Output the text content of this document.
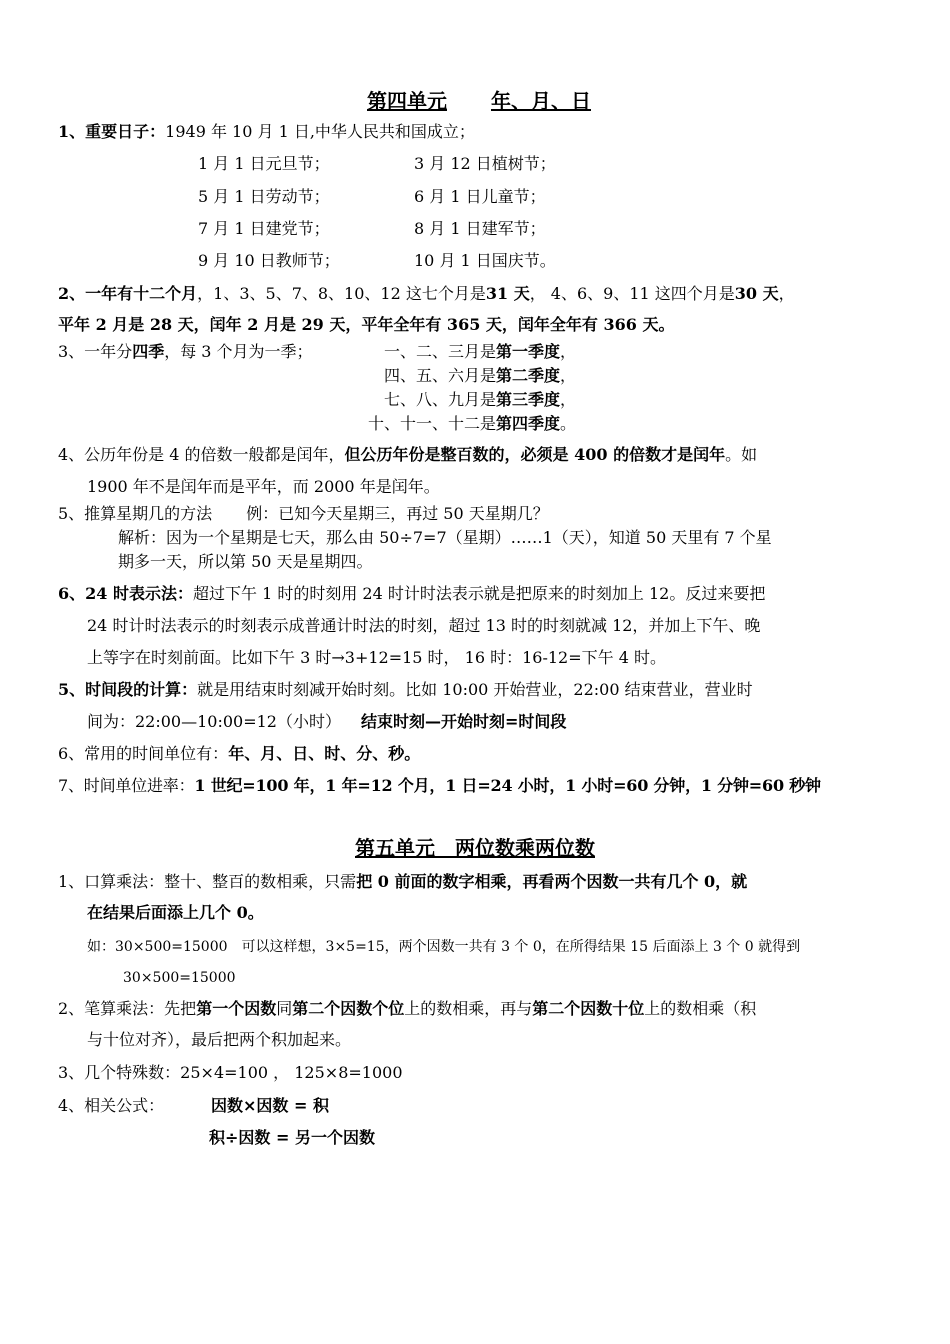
第四单元 年、月、日
1、重要日子：1949 年 10 月 1 日,中华人民共和国成立；
1 月 1 日元旦节；	3 月 12 日植树节；
5 月 1 日劳动节；	6 月 1 日儿童节；
7 月 1 日建党节；	8 月 1 日建军节；
9 月 10 日教师节；	10 月 1 日国庆节。
2、一年有十二个月，1、3、5、7、8、10、12 这七个月是31 天， 4、6、9、11 这四个月是30 天，
平年 2 月是 28 天，闰年 2 月是 29 天，平年全年有 365 天，闰年全年有 366 天。
3、一年分四季，每 3 个月为一季；	一、二、三月是第一季度，
四、五、六月是第二季度，
七、八、九月是第三季度，
十、十一、十二是第四季度。
4、公历年份是 4 的倍数一般都是闰年，但公历年份是整百数的，必须是 400 的倍数才是闰年。如
1900 年不是闰年而是平年，而 2000 年是闰年。
5、推算星期几的方法 例：已知今天星期三，再过 50 天星期几？
解析：因为一个星期是七天，那么由 50÷7=7（星期）……1（天），知道 50 天里有 7 个星
期多一天，所以第 50 天是星期四。
6、24 时表示法：超过下午 1 时的时刻用 24 时计时法表示就是把原来的时刻加上 12。反过来要把
24 时计时法表示的时刻表示成普通计时法的时刻，超过 13 时的时刻就减 12，并加上下午、晚
上等字在时刻前面。比如下午 3 时→3+12=15 时， 16 时：16-12=下午 4 时。
5、时间段的计算：就是用结束时刻减开始时刻。比如 10:00 开始营业，22:00 结束营业，营业时
间为：22:00—10:00=12（小时） 结束时刻—开始时刻=时间段
6、常用的时间单位有：年、月、日、时、分、秒。
7、时间单位进率：1 世纪=100 年，1 年=12 个月，1 日=24 小时，1 小时=60 分钟，1 分钟=60 秒钟
第五单元　两位数乘两位数
1、口算乘法：整十、整百的数相乘，只需把 0 前面的数字相乘，再看两个因数一共有几个 0，就
在结果后面添上几个 0。
如：30×500=15000　可以这样想，3×5=15，两个因数一共有 3 个 0，在所得结果 15 后面添上 3 个 0 就得到
30×500=15000
2、笔算乘法：先把第一个因数同第二个因数个位上的数相乘，再与第二个因数十位上的数相乘（积
与十位对齐），最后把两个积加起来。
3、几个特殊数：25×4=100 ， 125×8=1000
4、相关公式：	因数×因数 = 积
积÷因数 = 另一个因数
